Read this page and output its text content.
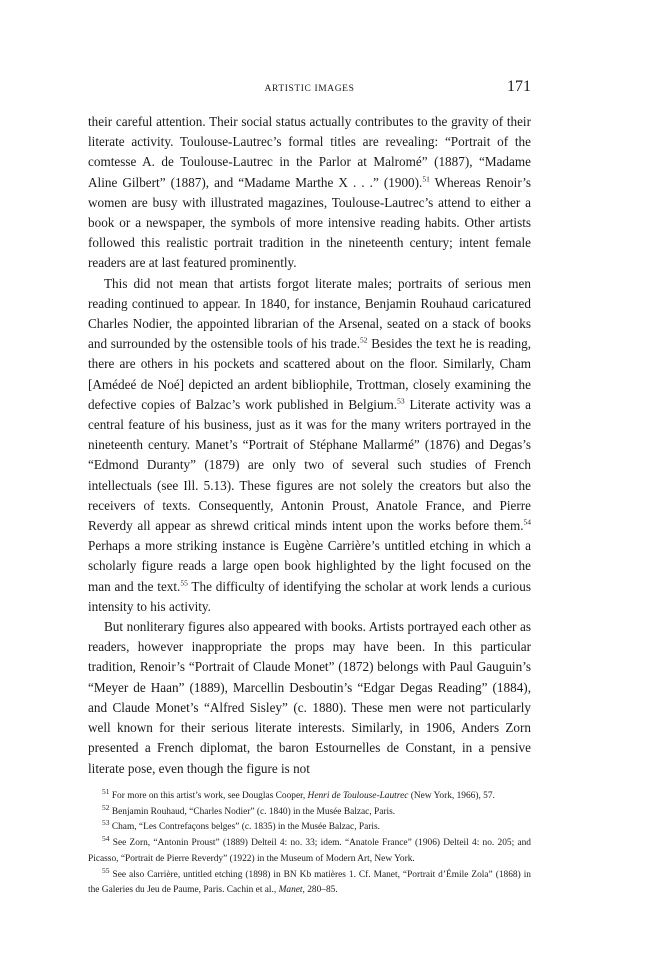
ARTISTIC IMAGES	171

their careful attention. Their social status actually contributes to the gravity of their literate activity. Toulouse-Lautrec’s formal titles are revealing: “Portrait of the comtesse A. de Toulouse-Lautrec in the Parlor at Malromé” (1887), “Madame Aline Gilbert” (1887), and “Madame Marthe X . . .” (1900).$^{51}$ Whereas Renoir’s women are busy with illustrated magazines, Toulouse-Lautrec’s attend to either a book or a newspaper, the symbols of more intensive reading habits. Other artists followed this realistic portrait tradition in the nineteenth century; intent female readers are at last featured prominently.

This did not mean that artists forgot literate males; portraits of serious men reading continued to appear. In 1840, for instance, Benjamin Rouhaud caricatured Charles Nodier, the appointed librarian of the Arsenal, seated on a stack of books and surrounded by the ostensible tools of his trade.$^{52}$ Besides the text he is reading, there are others in his pockets and scattered about on the floor. Similarly, Cham [Amédeé de Noé] depicted an ardent bibliophile, Trottman, closely examining the defective copies of Balzac’s work published in Belgium.$^{53}$ Literate activity was a central feature of his business, just as it was for the many writers portrayed in the nineteenth century. Manet’s “Portrait of Stéphane Mallarmé” (1876) and Degas’s “Edmond Duranty” (1879) are only two of several such studies of French intellectuals (see Ill. 5.13). These figures are not solely the creators but also the receivers of texts. Consequently, Antonin Proust, Anatole France, and Pierre Reverdy all appear as shrewd critical minds intent upon the works before them.$^{54}$ Perhaps a more striking instance is Eugène Carrière’s untitled etching in which a scholarly figure reads a large open book highlighted by the light focused on the man and the text.$^{55}$ The difficulty of identifying the scholar at work lends a curious intensity to his activity.

But nonliterary figures also appeared with books. Artists portrayed each other as readers, however inappropriate the props may have been. In this particular tradition, Renoir’s “Portrait of Claude Monet” (1872) belongs with Paul Gauguin’s “Meyer de Haan” (1889), Marcellin Desboutin’s “Edgar Degas Reading” (1884), and Claude Monet’s “Alfred Sisley” (c. 1880). These men were not particularly well known for their serious literate interests. Similarly, in 1906, Anders Zorn presented a French diplomat, the baron Estournelles de Constant, in a pensive literate pose, even though the figure is not

$^{51}$ For more on this artist’s work, see Douglas Cooper, Henri de Toulouse-Lautrec (New York, 1966), 57.

$^{52}$ Benjamin Rouhaud, “Charles Nodier” (c. 1840) in the Musée Balzac, Paris.

$^{53}$ Cham, “Les Contrefaçons belges” (c. 1835) in the Musée Balzac, Paris.

$^{54}$ See Zorn, “Antonin Proust” (1889) Delteil 4: no. 33; idem. “Anatole France” (1906) Delteil 4: no. 205; and Picasso, “Portrait de Pierre Reverdy” (1922) in the Museum of Modern Art, New York.

$^{55}$ See also Carrière, untitled etching (1898) in BN Kb matières 1. Cf. Manet, “Portrait d’Émile Zola” (1868) in the Galeries du Jeu de Paume, Paris. Cachin et al., Manet, 280–85.
